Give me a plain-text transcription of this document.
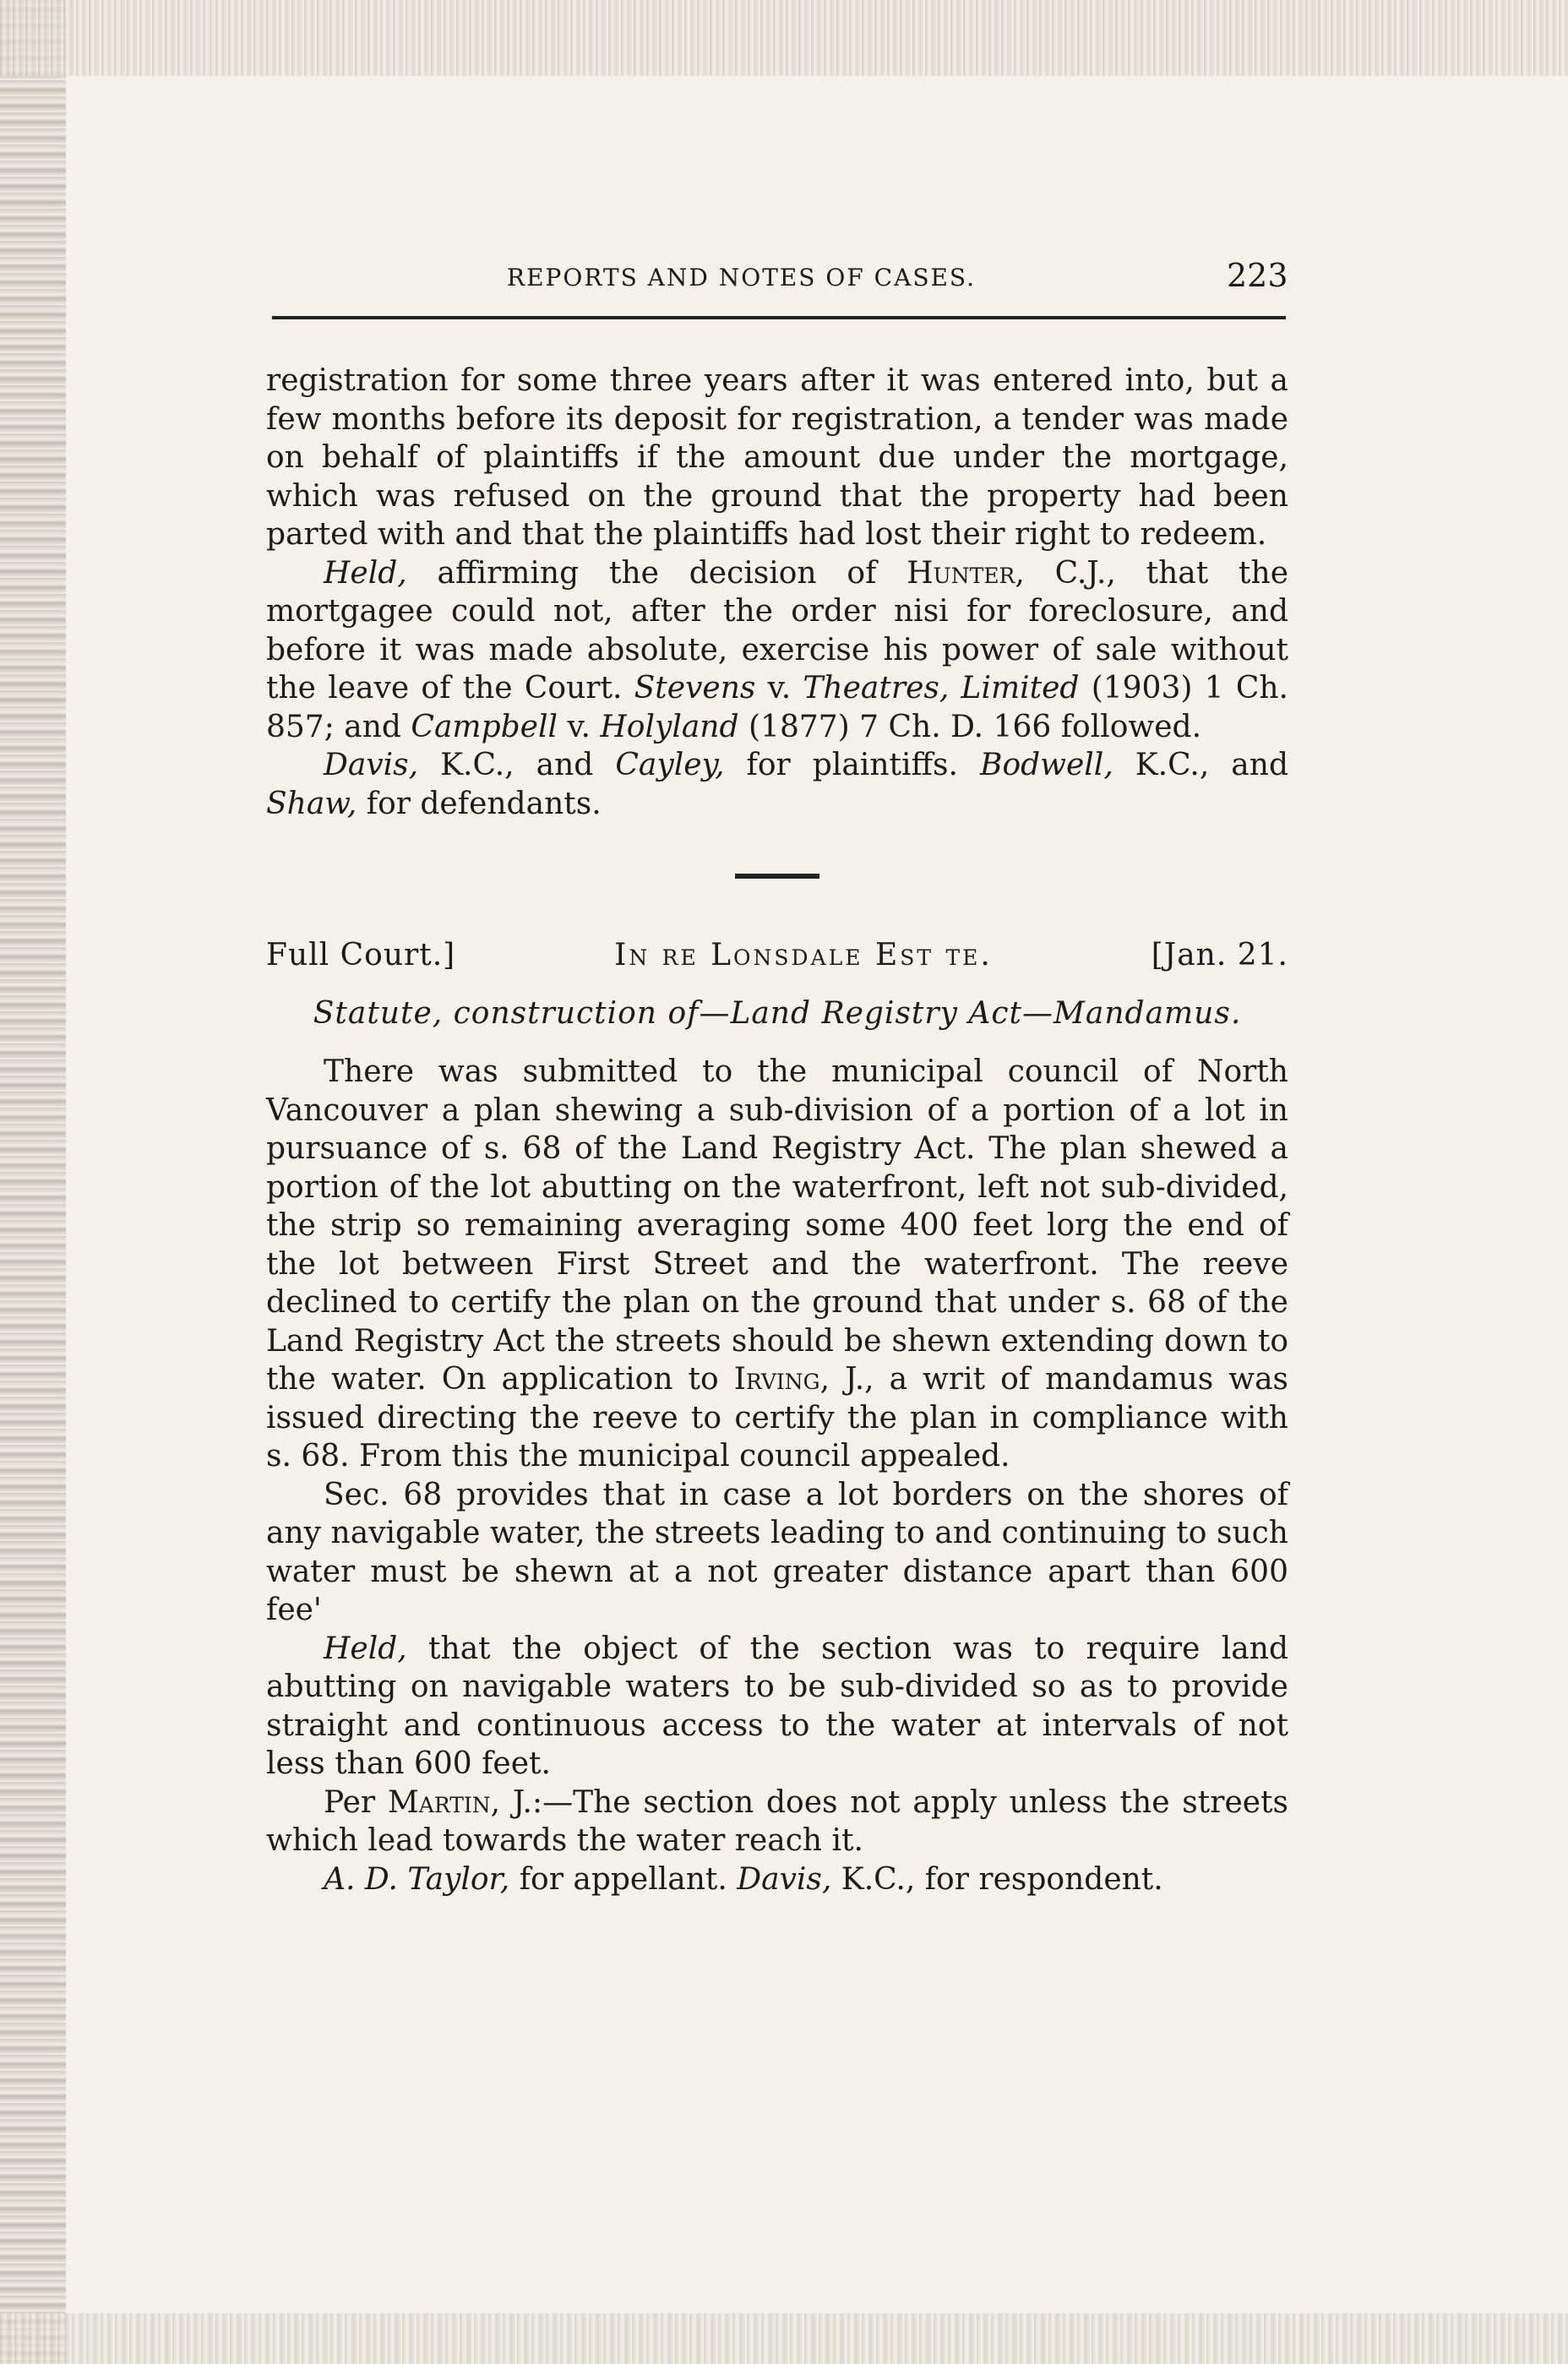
REPORTS AND NOTES OF CASES.	223

registration for some three years after it was entered into, but a few months before its deposit for registration, a tender was made on behalf of plaintiffs if the amount due under the mortgage, which was refused on the ground that the property had been parted with and that the plaintiffs had lost their right to redeem.

Held, affirming the decision of Hunter, C.J., that the mortgagee could not, after the order nisi for foreclosure, and before it was made absolute, exercise his power of sale without the leave of the Court. Stevens v. Theatres, Limited (1903) 1 Ch. 857; and Campbell v. Holyland (1877) 7 Ch. D. 166 followed.

Davis, K.C., and Cayley, for plaintiffs. Bodwell, K.C., and Shaw, for defendants.

Full Court.]	In re Lonsdale Est te.	[Jan. 21.
Statute, construction of—Land Registry Act—Mandamus.

There was submitted to the municipal council of North Vancouver a plan shewing a sub-division of a portion of a lot in pursuance of s. 68 of the Land Registry Act. The plan shewed a portion of the lot abutting on the waterfront, left not sub-divided, the strip so remaining averaging some 400 feet lorg the end of the lot between First Street and the waterfront. The reeve declined to certify the plan on the ground that under s. 68 of the Land Registry Act the streets should be shewn extending down to the water. On application to Irving, J., a writ of mandamus was issued directing the reeve to certify the plan in compliance with s. 68. From this the municipal council appealed.

Sec. 68 provides that in case a lot borders on the shores of any navigable water, the streets leading to and continuing to such water must be shewn at a not greater distance apart than 600 fee'

Held, that the object of the section was to require land abutting on navigable waters to be sub-divided so as to provide straight and continuous access to the water at intervals of not less than 600 feet.

Per Martin, J.:—The section does not apply unless the streets which lead towards the water reach it.

A. D. Taylor, for appellant. Davis, K.C., for respondent.
